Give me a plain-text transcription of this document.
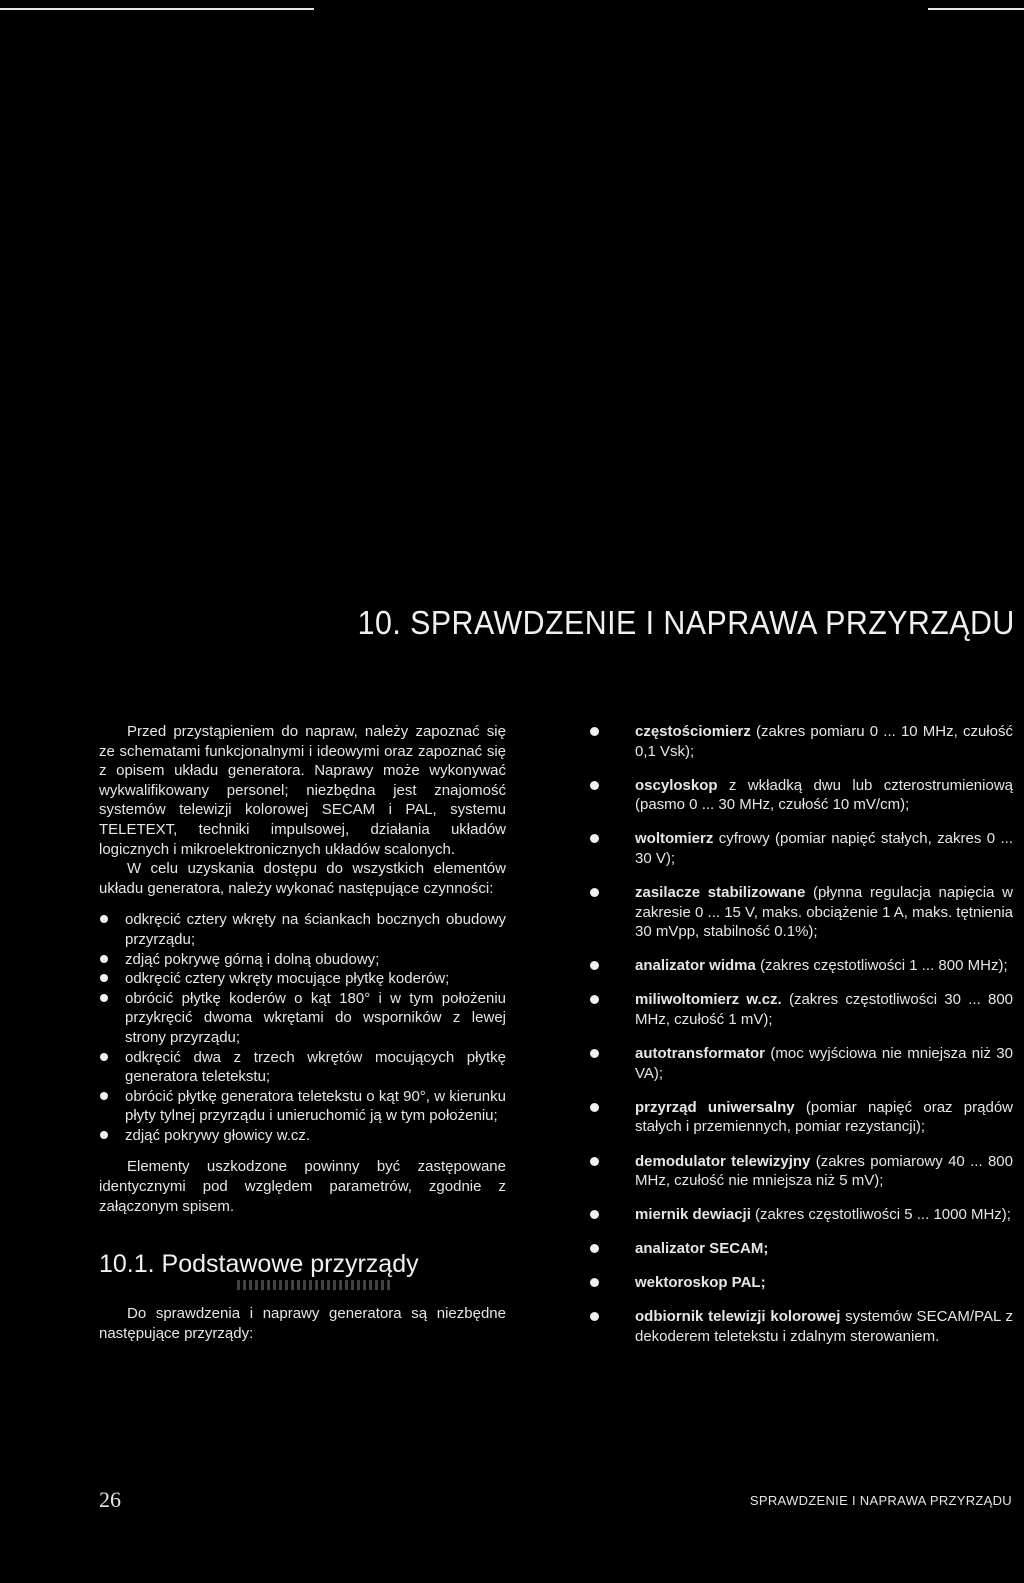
10. SPRAWDZENIE I NAPRAWA PRZYRZĄDU

Przed przystąpieniem do napraw, należy zapoznać się ze schematami funkcjonalnymi i ideowymi oraz zapoznać się z opisem układu generatora. Naprawy może wykonywać wykwalifikowany personel; niezbędna jest znajomość systemów telewizji kolorowej SECAM i PAL, systemu TELETEXT, techniki impulsowej, działania układów logicznych i mikroelektronicznych układów scalonych.

W celu uzyskania dostępu do wszystkich elementów układu generatora, należy wykonać następujące czynności:

odkręcić cztery wkręty na ściankach bocznych obudowy przyrządu;
zdjąć pokrywę górną i dolną obudowy;
odkręcić cztery wkręty mocujące płytkę koderów;
obrócić płytkę koderów o kąt 180° i w tym położeniu przykręcić dwoma wkrętami do wsporników z lewej strony przyrządu;
odkręcić dwa z trzech wkrętów mocujących płytkę generatora teletekstu;
obrócić płytkę generatora teletekstu o kąt 90°, w kierunku płyty tylnej przyrządu i unieruchomić ją w tym położeniu;
zdjąć pokrywy głowicy w.cz.

Elementy uszkodzone powinny być zastępowane identycznymi pod względem parametrów, zgodnie z załączonym spisem.

10.1. Podstawowe przyrządy

Do sprawdzenia i naprawy generatora są niezbędne następujące przyrządy:

częstościomierz (zakres pomiaru 0 ... 10 MHz, czułość 0,1 Vsk);
oscyloskop z wkładką dwu lub czterostrumieniową (pasmo 0 ... 30 MHz, czułość 10 mV/cm);
woltomierz cyfrowy (pomiar napięć stałych, zakres 0 ... 30 V);
zasilacze stabilizowane (płynna regulacja napięcia w zakresie 0 ... 15 V, maks. obciążenie 1 A, maks. tętnienia 30 mVpp, stabilność 0.1%);
analizator widma (zakres częstotliwości 1 ... 800 MHz);
miliwoltomierz w.cz. (zakres częstotliwości 30 ... 800 MHz, czułość 1 mV);
autotransformator (moc wyjściowa nie mniejsza niż 30 VA);
przyrząd uniwersalny (pomiar napięć oraz prądów stałych i przemiennych, pomiar rezystancji);
demodulator telewizyjny (zakres pomiarowy 40 ... 800 MHz, czułość nie mniejsza niż 5 mV);
miernik dewiacji (zakres częstotliwości 5 ... 1000 MHz);
analizator SECAM;
wektoroskop PAL;
odbiornik telewizji kolorowej systemów SECAM/PAL z dekoderem teletekstu i zdalnym sterowaniem.
26	SPRAWDZENIE I NAPRAWA PRZYRZĄDU
